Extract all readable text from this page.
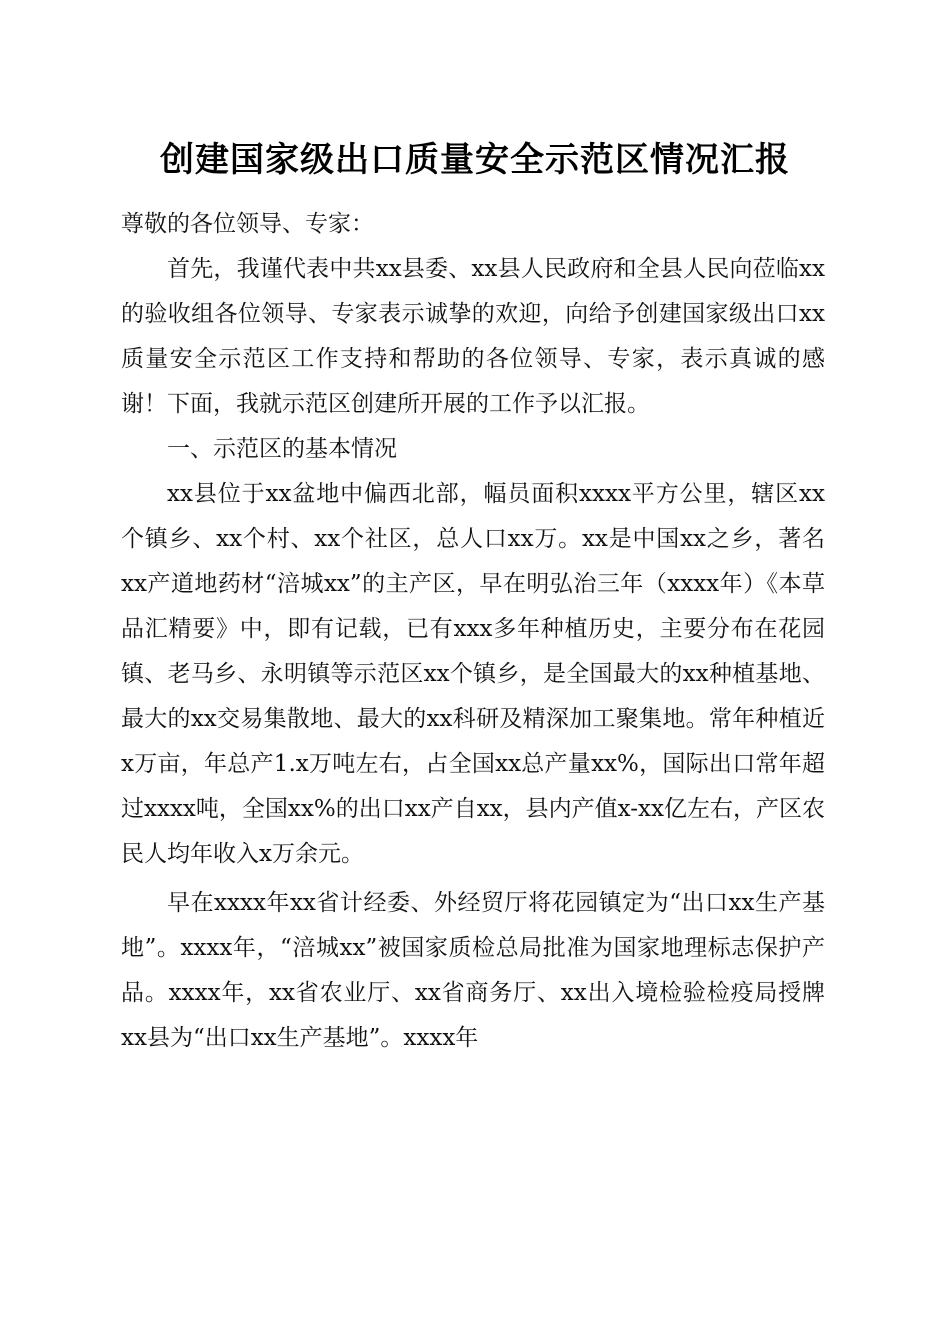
创建国家级出口质量安全示范区情况汇报

尊敬的各位领导、专家：

首先，我谨代表中共xx县委、xx县人民政府和全县人民向莅临xx的验收组各位领导、专家表示诚挚的欢迎，向给予创建国家级出口xx质量安全示范区工作支持和帮助的各位领导、专家，表示真诚的感谢！下面，我就示范区创建所开展的工作予以汇报。

一、示范区的基本情况

xx县位于xx盆地中偏西北部，幅员面积xxxx平方公里，辖区xx个镇乡、xx个村、xx个社区，总人口xx万。xx是中国xx之乡，著名xx产道地药材“涪城xx”的主产区，早在明弘治三年（xxxx年）《本草品汇精要》中，即有记载，已有xxx多年种植历史，主要分布在花园镇、老马乡、永明镇等示范区xx个镇乡，是全国最大的xx种植基地、最大的xx交易集散地、最大的xx科研及精深加工聚集地。常年种植近x万亩，年总产1.x万吨左右，占全国xx总产量xx%，国际出口常年超过xxxx吨，全国xx%的出口xx产自xx，县内产值x-xx亿左右，产区农民人均年收入x万余元。

早在xxxx年xx省计经委、外经贸厅将花园镇定为“出口xx生产基地”。xxxx年，“涪城xx”被国家质检总局批准为国家地理标志保护产品。xxxx年，xx省农业厅、xx省商务厅、xx出入境检验检疫局授牌xx县为“出口xx生产基地”。xxxx年
